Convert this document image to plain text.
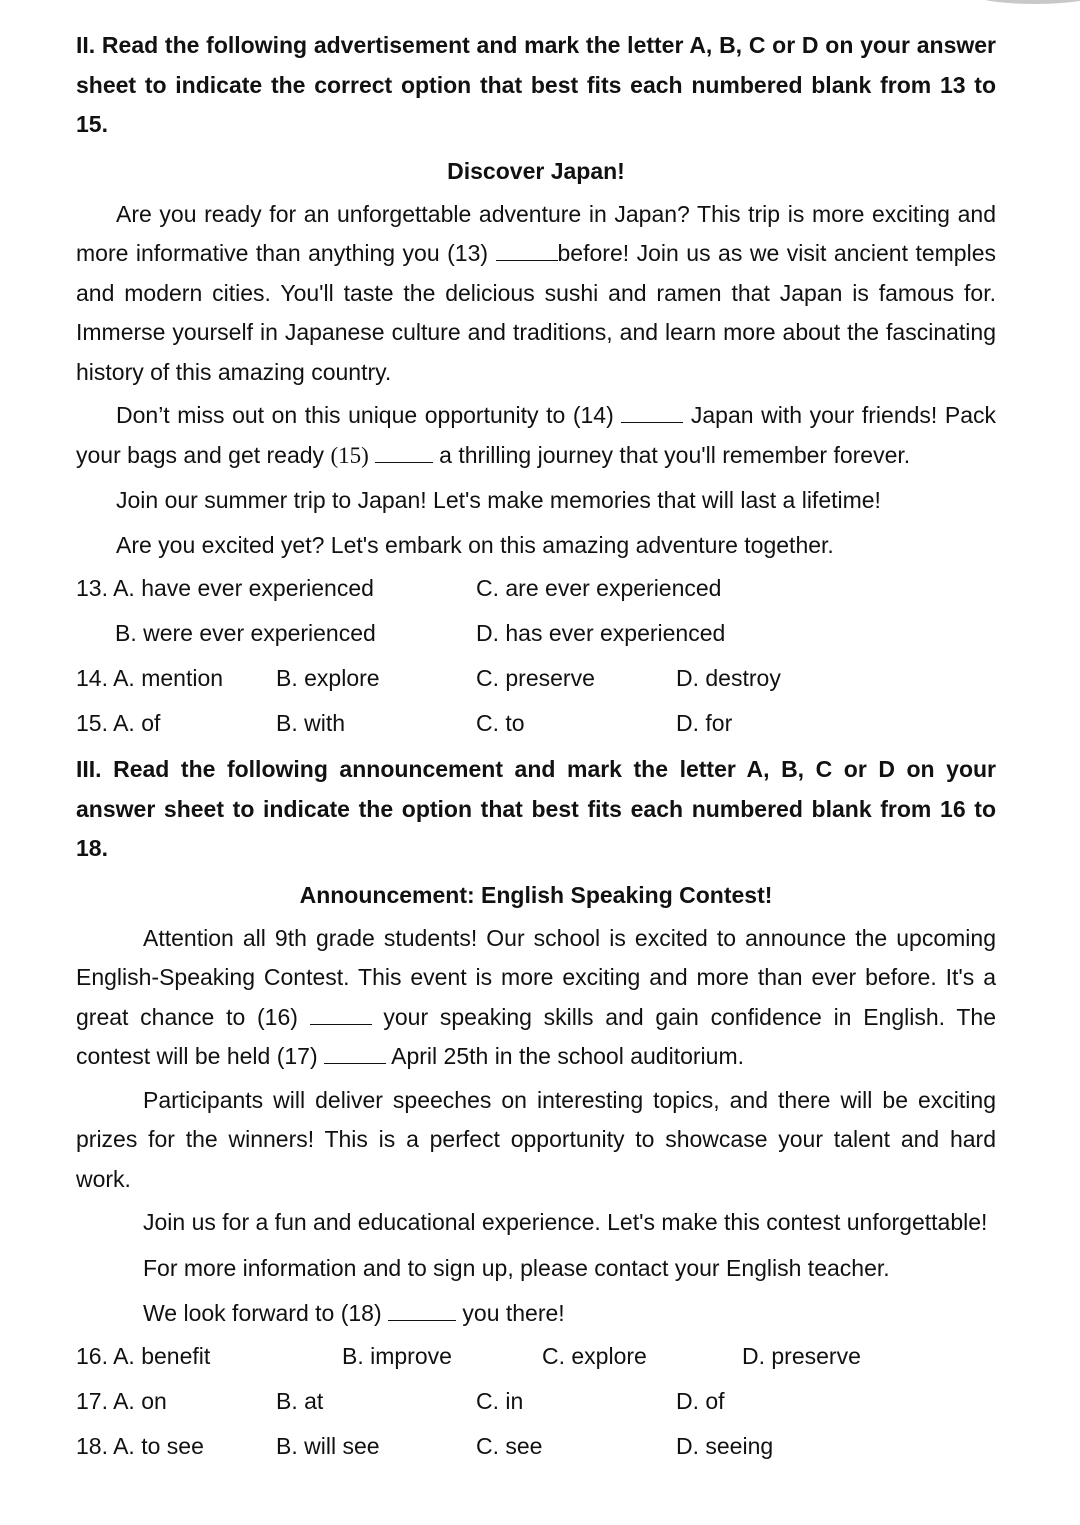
II. Read the following advertisement and mark the letter A, B, C or D on your answer sheet to indicate the correct option that best fits each numbered blank from 13 to 15.

Discover Japan!

Are you ready for an unforgettable adventure in Japan? This trip is more exciting and more informative than anything you (13)	before! Join us as we visit ancient temples and modern cities. You'll taste the delicious sushi and ramen that Japan is famous for. Immerse yourself in Japanese culture and traditions, and learn more about the fascinating history of this amazing country.

Don’t miss out on this unique opportunity to (14)	Japan with your friends! Pack your bags and get ready (15)	a thrilling journey that you'll remember forever.

Join our summer trip to Japan! Let's make memories that will last a lifetime!

Are you excited yet? Let's embark on this amazing adventure together.

13. A. have ever experienced	C. are ever experienced
B. were ever experienced	D. has ever experienced
14. A. mention B. explore	C. preserve	D. destroy
15. A. of	B. with	C. to	D. for

III. Read the following announcement and mark the letter A, B, C or D on your answer sheet to indicate the option that best fits each numbered blank from 16 to 18.

Announcement: English Speaking Contest!

Attention all 9th grade students! Our school is excited to announce the upcoming English-Speaking Contest. This event is more exciting and more than ever before. It's a great chance to (16)	your speaking skills and gain confidence in English. The contest will be held (17)	April 25th in the school auditorium.

Participants will deliver speeches on interesting topics, and there will be exciting prizes for the winners! This is a perfect opportunity to showcase your talent and hard work.

Join us for a fun and educational experience. Let's make this contest unforgettable!

For more information and to sign up, please contact your English teacher.

We look forward to (18)	you there!

16. A. benefit	B. improve	C. explore	D. preserve
17. A. on	B. at	C. in	D. of
18. A. to see	B. will see	C. see	D. seeing
